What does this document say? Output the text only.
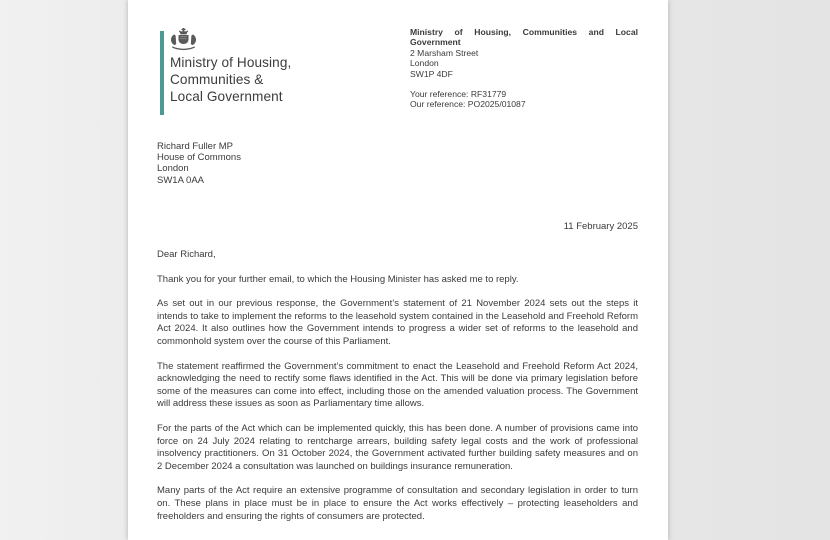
Ministry of Housing,
Communities &
Local Government
Ministry of Housing, Communities and Local Government
2 Marsham Street
London
SW1P 4DF
Your reference: RF31779
Our reference: PO2025/01087
Richard Fuller MP
House of Commons
London
SW1A 0AA
11 February 2025

Dear Richard,

Thank you for your further email, to which the Housing Minister has asked me to reply.

As set out in our previous response, the Government’s statement of 21 November 2024 sets out the steps it intends to take to implement the reforms to the leasehold system contained in the Leasehold and Freehold Reform Act 2024. It also outlines how the Government intends to progress a wider set of reforms to the leasehold and commonhold system over the course of this Parliament.

The statement reaffirmed the Government’s commitment to enact the Leasehold and Freehold Reform Act 2024, acknowledging the need to rectify some flaws identified in the Act. This will be done via primary legislation before some of the measures can come into effect, including those on the amended valuation process. The Government will address these issues as soon as Parliamentary time allows.

For the parts of the Act which can be implemented quickly, this has been done. A number of provisions came into force on 24 July 2024 relating to rentcharge arrears, building safety legal costs and the work of professional insolvency practitioners. On 31 October 2024, the Government activated further building safety measures and on 2 December 2024 a consultation was launched on buildings insurance remuneration.

Many parts of the Act require an extensive programme of consultation and secondary legislation in order to turn on. These plans in place must be in place to ensure the Act works effectively – protecting leaseholders and freeholders and ensuring the rights of consumers are protected.
